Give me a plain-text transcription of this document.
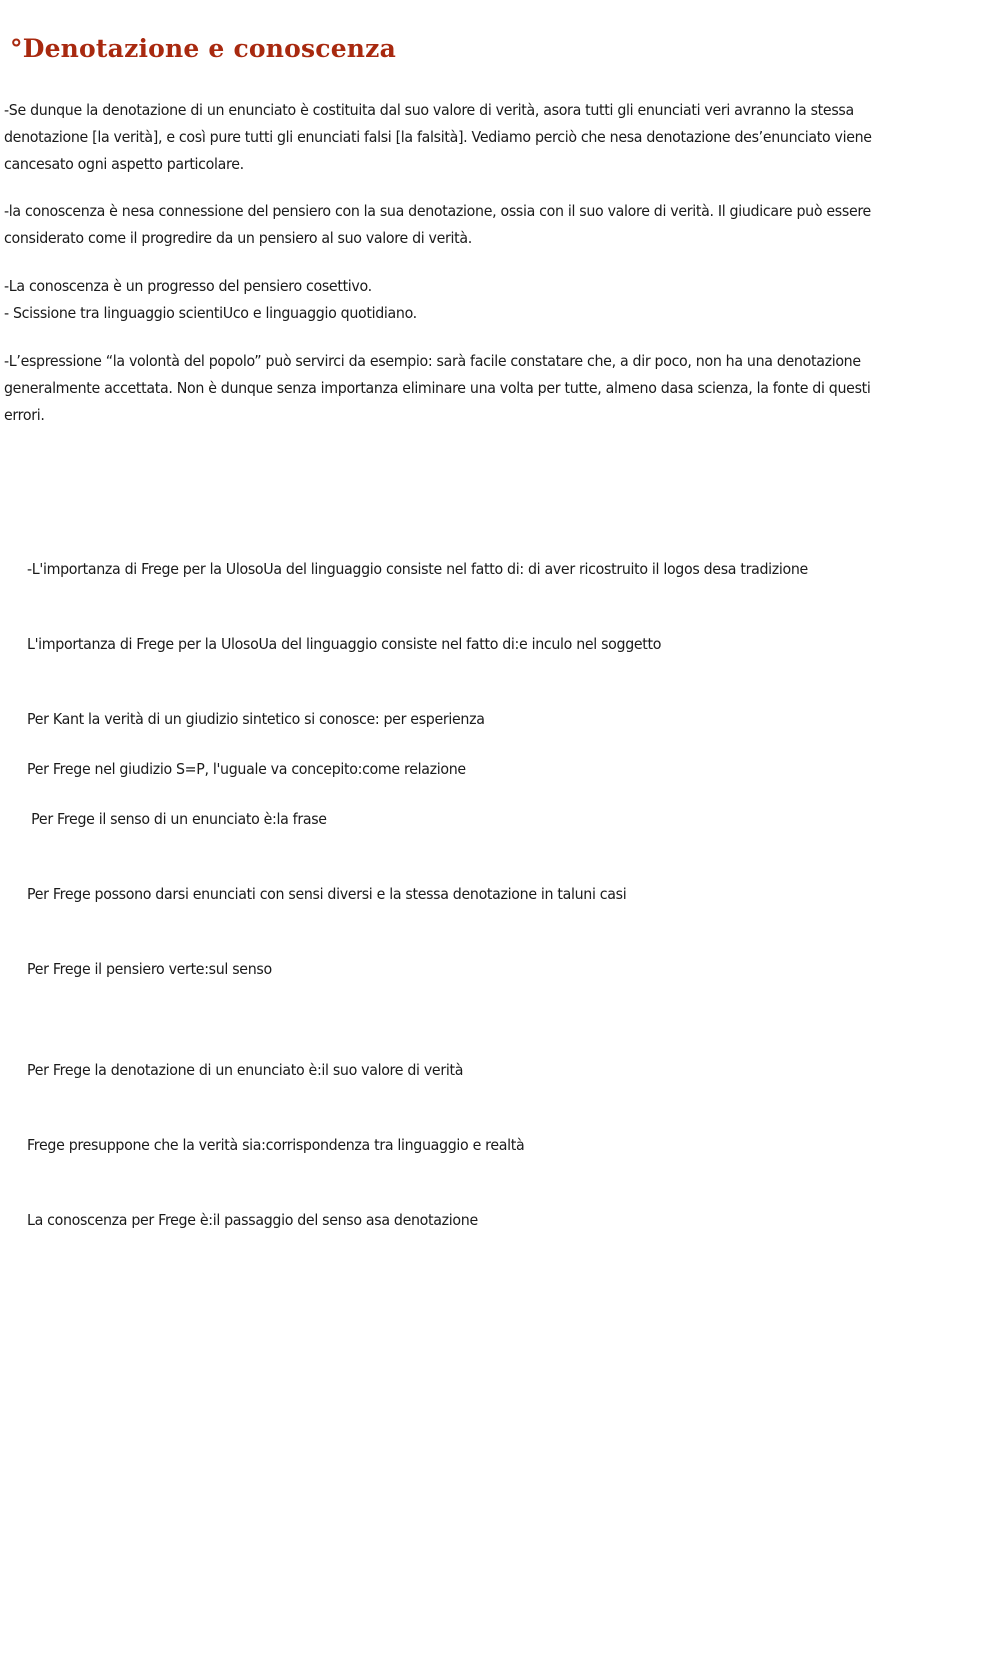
°Denotazione e conoscenza
-Se dunque la denotazione di un enunciato è costituita dal suo valore di verità, asora tutti gli enunciati veri avranno la stessa
denotazione [la verità], e così pure tutti gli enunciati falsi [la falsità]. Vediamo perciò che nesa denotazione des’enunciato viene
cancesato ogni aspetto particolare.
-la conoscenza è nesa connessione del pensiero con la sua denotazione, ossia con il suo valore di verità. Il giudicare può essere
considerato come il progredire da un pensiero al suo valore di verità.
-La conoscenza è un progresso del pensiero cosettivo.
- Scissione tra linguaggio scientiUco e linguaggio quotidiano.
-L’espressione “la volontà del popolo” può servirci da esempio: sarà facile constatare che, a dir poco, non ha una denotazione
generalmente accettata. Non è dunque senza importanza eliminare una volta per tutte, almeno dasa scienza, la fonte di questi errori.

-L'importanza di Frege per la UlosoUa del linguaggio consiste nel fatto di: di aver ricostruito il logos desa tradizione

L'importanza di Frege per la UlosoUa del linguaggio consiste nel fatto di:e inculo nel soggetto

Per Kant la verità di un giudizio sintetico si conosce: per esperienza

Per Frege nel giudizio S=P, l'uguale va concepito:come relazione

Per Frege il senso di un enunciato è:la frase

Per Frege possono darsi enunciati con sensi diversi e la stessa denotazione in taluni casi

Per Frege il pensiero verte:sul senso

Per Frege la denotazione di un enunciato è:il suo valore di verità

Frege presuppone che la verità sia:corrispondenza tra linguaggio e realtà

La conoscenza per Frege è:il passaggio del senso asa denotazione
